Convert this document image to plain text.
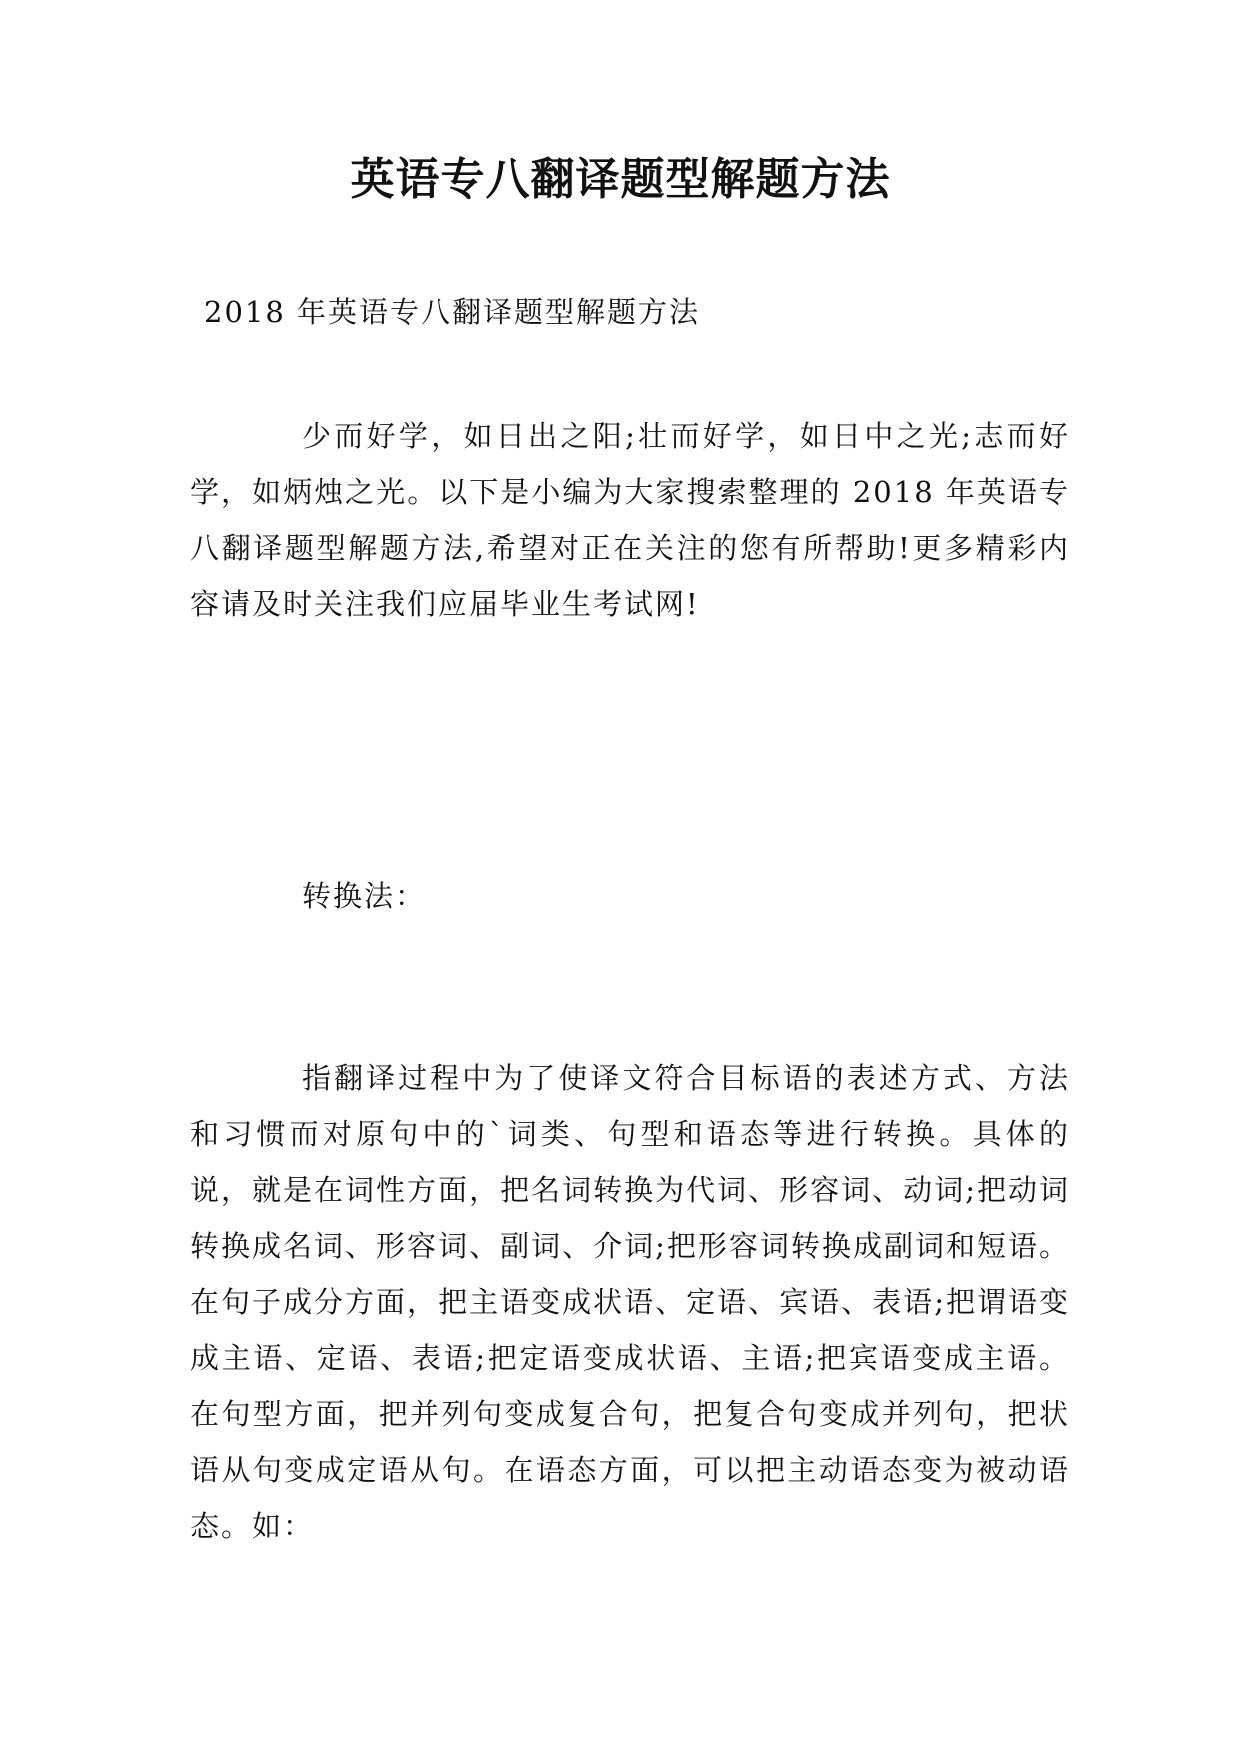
英语专八翻译题型解题方法
2018 年英语专八翻译题型解题方法

少而好学，如日出之阳;壮而好学，如日中之光;志而好学，如炳烛之光。以下是小编为大家搜索整理的 2018 年英语专八翻译题型解题方法,希望对正在关注的您有所帮助!更多精彩内容请及时关注我们应届毕业生考试网!

转换法：

指翻译过程中为了使译文符合目标语的表述方式、方法和习惯而对原句中的`词类、句型和语态等进行转换。具体的说，就是在词性方面，把名词转换为代词、形容词、动词;把动词转换成名词、形容词、副词、介词;把形容词转换成副词和短语。在句子成分方面，把主语变成状语、定语、宾语、表语;把谓语变成主语、定语、表语;把定语变成状语、主语;把宾语变成主语。在句型方面，把并列句变成复合句，把复合句变成并列句，把状语从句变成定语从句。在语态方面，可以把主动语态变为被动语态。如：
